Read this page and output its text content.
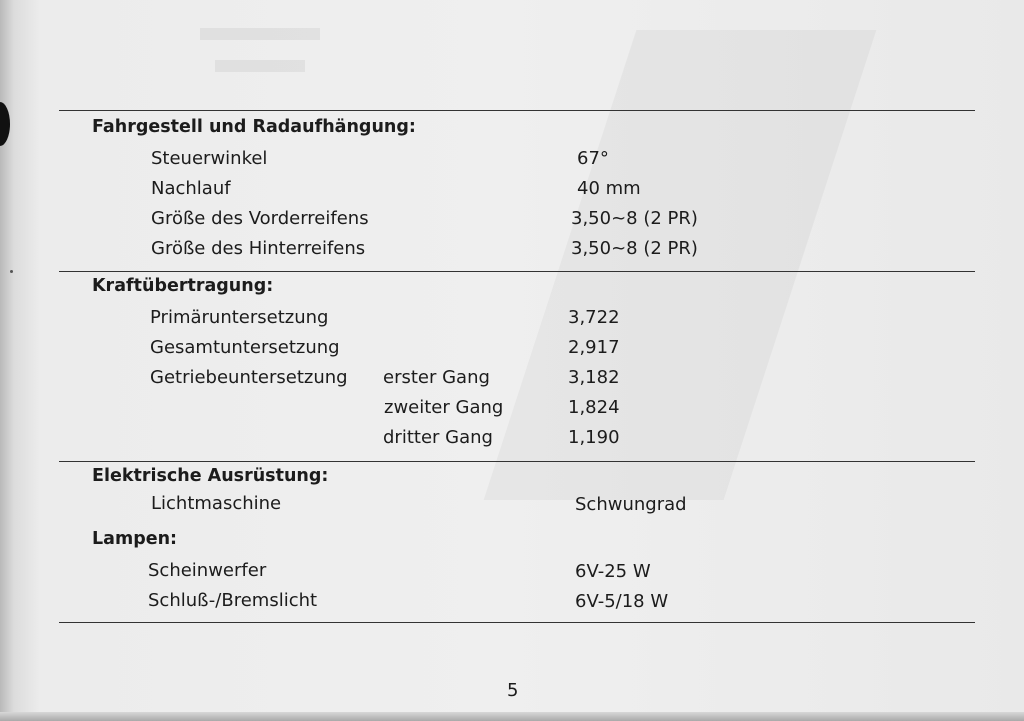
Fahrgestell und Radaufhängung:
Steuerwinkel	67°
Nachlauf	40 mm
Größe des Vorderreifens	3,50~8 (2 PR)
Größe des Hinterreifens	3,50~8 (2 PR)
Kraftübertragung:
Primäruntersetzung	3,722
Gesamtuntersetzung	2,917
Getriebeuntersetzung erster Gang	3,182
zweiter Gang	1,824
dritter Gang	1,190
Elektrische Ausrüstung:
Lichtmaschine	Schwungrad
Lampen:
Scheinwerfer	6V-25 W
Schluß-/Bremslicht	6V-5/18 W
5
